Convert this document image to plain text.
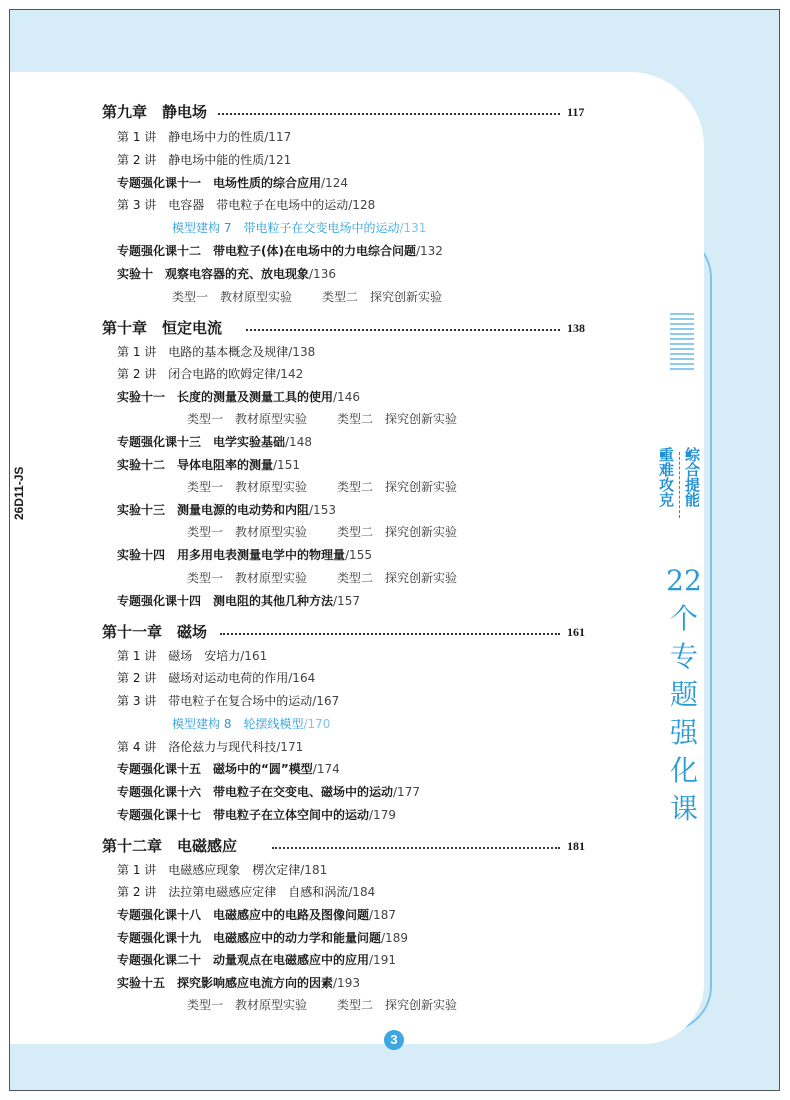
综合提能
重难攻克
22个专题强化课
26D11-JS
3
第九章　静电场	117
第 1 讲　静电场中力的性质/117
第 2 讲　静电场中能的性质/121
专题强化课十一　电场性质的综合应用/124
第 3 讲　电容器　带电粒子在电场中的运动/128
模型建构 7　带电粒子在交变电场中的运动/131
专题强化课十二　带电粒子(体)在电场中的力电综合问题/132
实验十　观察电容器的充、放电现象/136
类型一　教材原型实验	类型二　探究创新实验
第十章　恒定电流	138
第 1 讲　电路的基本概念及规律/138
第 2 讲　闭合电路的欧姆定律/142
实验十一　长度的测量及测量工具的使用/146
类型一　教材原型实验	类型二　探究创新实验
专题强化课十三　电学实验基础/148
实验十二　导体电阻率的测量/151
类型一　教材原型实验	类型二　探究创新实验
实验十三　测量电源的电动势和内阻/153
类型一　教材原型实验	类型二　探究创新实验
实验十四　用多用电表测量电学中的物理量/155
类型一　教材原型实验	类型二　探究创新实验
专题强化课十四　测电阻的其他几种方法/157
第十一章　磁场	161
第 1 讲　磁场　安培力/161
第 2 讲　磁场对运动电荷的作用/164
第 3 讲　带电粒子在复合场中的运动/167
模型建构 8　轮摆线模型/170
第 4 讲　洛伦兹力与现代科技/171
专题强化课十五　磁场中的“圆”模型/174
专题强化课十六　带电粒子在交变电、磁场中的运动/177
专题强化课十七　带电粒子在立体空间中的运动/179
第十二章　电磁感应	181
第 1 讲　电磁感应现象　楞次定律/181
第 2 讲　法拉第电磁感应定律　自感和涡流/184
专题强化课十八　电磁感应中的电路及图像问题/187
专题强化课十九　电磁感应中的动力学和能量问题/189
专题强化课二十　动量观点在电磁感应中的应用/191
实验十五　探究影响感应电流方向的因素/193
类型一　教材原型实验	类型二　探究创新实验
